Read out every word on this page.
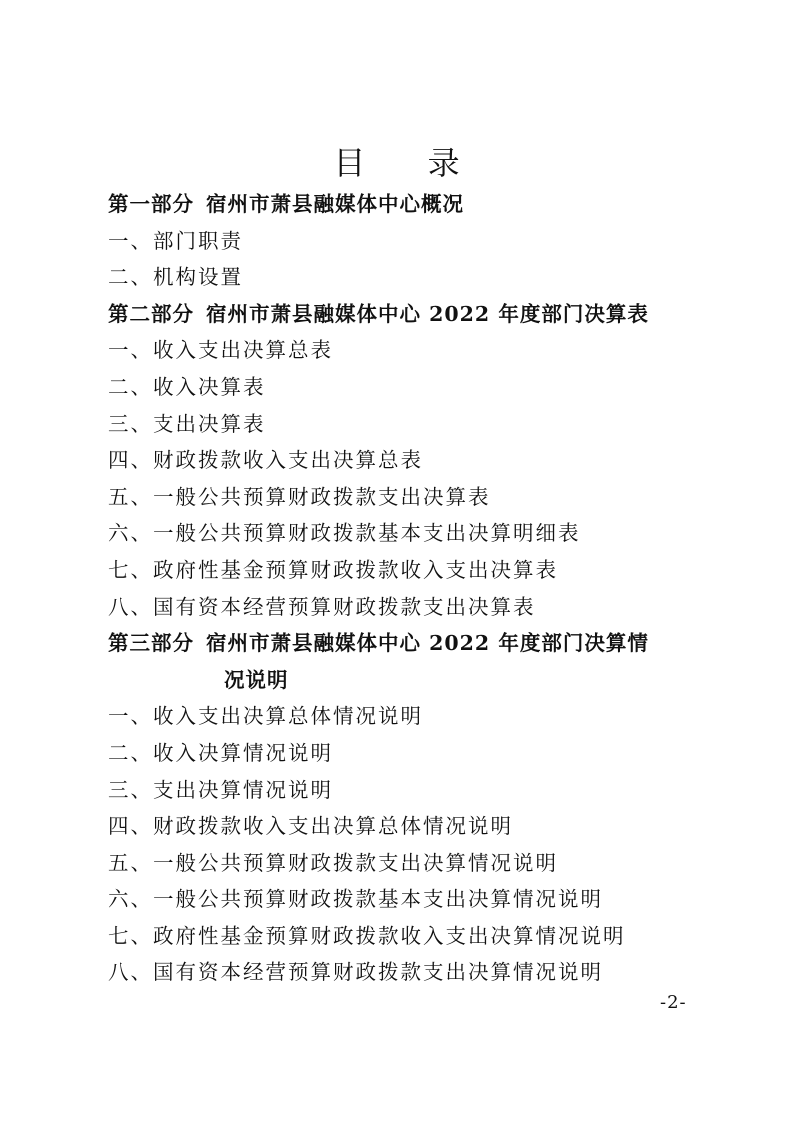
目 录
第一部分 宿州市萧县融媒体中心概况
一、部门职责
二、机构设置
第二部分 宿州市萧县融媒体中心 2022 年度部门决算表
一、收入支出决算总表
二、收入决算表
三、支出决算表
四、财政拨款收入支出决算总表
五、一般公共预算财政拨款支出决算表
六、一般公共预算财政拨款基本支出决算明细表
七、政府性基金预算财政拨款收入支出决算表
八、国有资本经营预算财政拨款支出决算表
第三部分 宿州市萧县融媒体中心 2022 年度部门决算情
况说明
一、收入支出决算总体情况说明
二、收入决算情况说明
三、支出决算情况说明
四、财政拨款收入支出决算总体情况说明
五、一般公共预算财政拨款支出决算情况说明
六、一般公共预算财政拨款基本支出决算情况说明
七、政府性基金预算财政拨款收入支出决算情况说明
八、国有资本经营预算财政拨款支出决算情况说明
-2-
